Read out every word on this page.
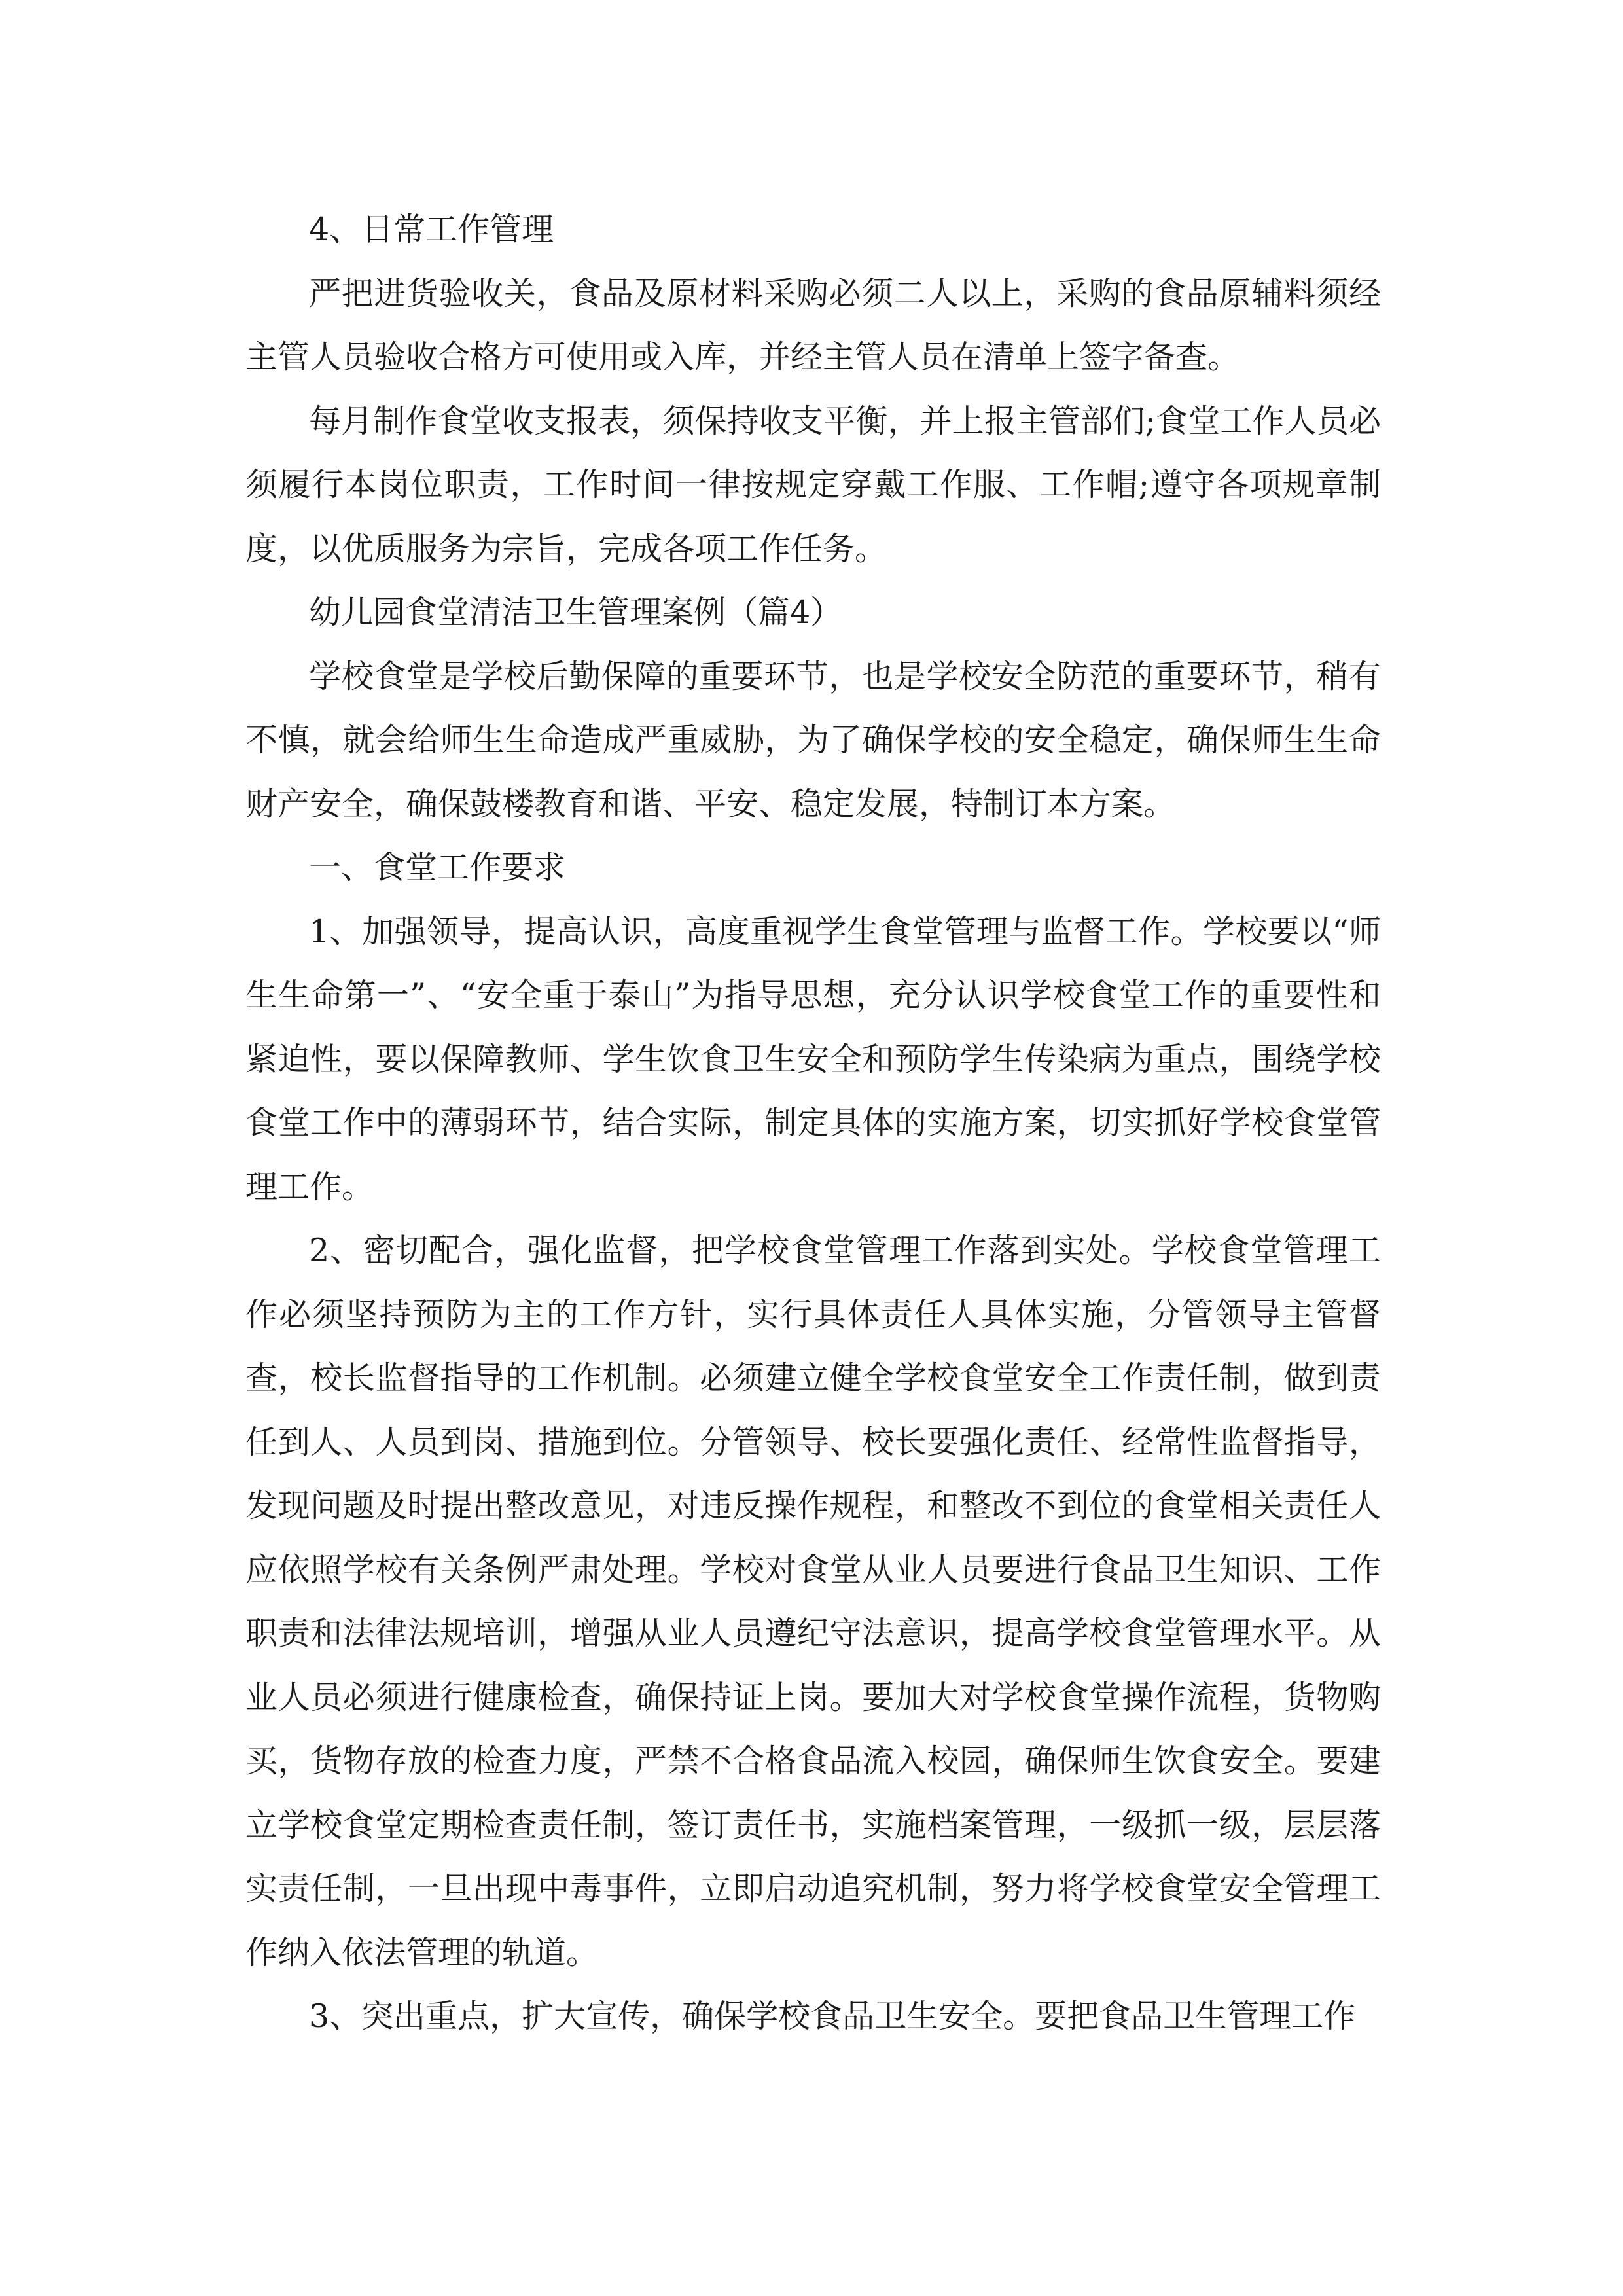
4、日常工作管理

严把进货验收关，食品及原材料采购必须二人以上，采购的食品原辅料须经主管人员验收合格方可使用或入库，并经主管人员在清单上签字备查。

每月制作食堂收支报表，须保持收支平衡，并上报主管部们;食堂工作人员必须履行本岗位职责，工作时间一律按规定穿戴工作服、工作帽;遵守各项规章制度，以优质服务为宗旨，完成各项工作任务。

幼儿园食堂清洁卫生管理案例（篇4）

学校食堂是学校后勤保障的重要环节，也是学校安全防范的重要环节，稍有不慎，就会给师生生命造成严重威胁，为了确保学校的安全稳定，确保师生生命财产安全，确保鼓楼教育和谐、平安、稳定发展，特制订本方案。

一、食堂工作要求

1、加强领导，提高认识，高度重视学生食堂管理与监督工作。学校要以“师生生命第一”、“安全重于泰山”为指导思想，充分认识学校食堂工作的重要性和紧迫性，要以保障教师、学生饮食卫生安全和预防学生传染病为重点，围绕学校食堂工作中的薄弱环节，结合实际，制定具体的实施方案，切实抓好学校食堂管理工作。

2、密切配合，强化监督，把学校食堂管理工作落到实处。学校食堂管理工作必须坚持预防为主的工作方针，实行具体责任人具体实施，分管领导主管督查，校长监督指导的工作机制。必须建立健全学校食堂安全工作责任制，做到责任到人、人员到岗、措施到位。分管领导、校长要强化责任、经常性监督指导，发现问题及时提出整改意见，对违反操作规程，和整改不到位的食堂相关责任人应依照学校有关条例严肃处理。学校对食堂从业人员要进行食品卫生知识、工作职责和法律法规培训，增强从业人员遵纪守法意识，提高学校食堂管理水平。从业人员必须进行健康检查，确保持证上岗。要加大对学校食堂操作流程，货物购买，货物存放的检查力度，严禁不合格食品流入校园，确保师生饮食安全。要建立学校食堂定期检查责任制，签订责任书，实施档案管理，一级抓一级，层层落实责任制，一旦出现中毒事件，立即启动追究机制，努力将学校食堂安全管理工作纳入依法管理的轨道。

3、突出重点，扩大宣传，确保学校食品卫生安全。要把食品卫生管理工作
